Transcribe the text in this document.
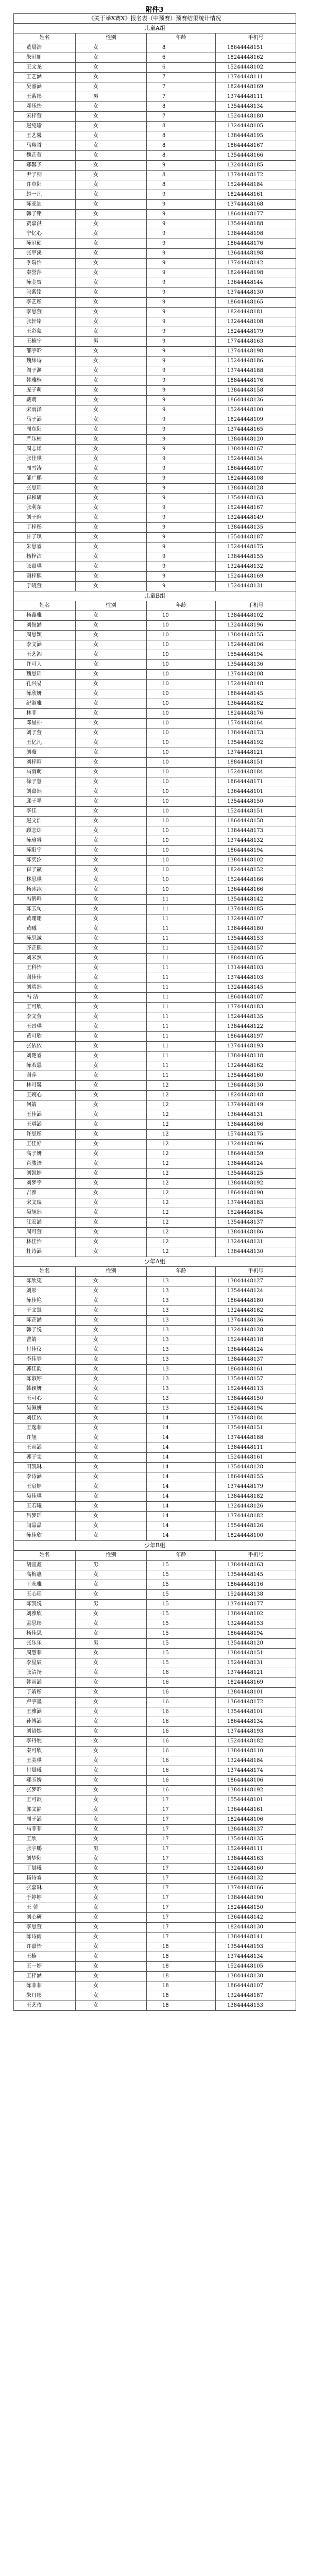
附件3
《关于举X赛X》报名表（中预赛）预赛结果统计情况			
儿童A组			
姓名	性别	年龄	手机号
董晨浩	女	8	18644448151
朱冠如	女	6	18244448162
王文龙	女	6	15244448102
王艺涵	女	7	13744448111
吴睿涵	女	7	18244448169
王紫彤	男	7	13744448111
邓乐怡	女	8	13544448134
宋梓萱	女	7	15244448180
赵宛瑜	女	8	13244448105
王艺馨	女	8	13844448195
马翔哲	女	8	18644448167
魏芷萱	女	8	13544448166
郝馨予	女	9	13244448185
尹子朔	女	8	13744448172
许卓阳	女	8	15244448184
赵一凡	女	9	18244448161
陈亚迪	女	9	13744448168
韩子铭	女	9	18644448177
贾嘉淇	女	9	13544448188
宁忆心	女	9	13844448198
陈冠硕	女	9	18644448176
张甲溪	女	9	13644448198
季瑞怡	女	9	13744448142
秦誉萍	女	9	18244448198
陈金贾	女	9	13644448144
段紫铭	女	9	13744448130
李艺彤	女	9	18644448165
李思萱	女	9	18244448181
张轩铭	女	9	13244448108
王彩蒙	女	9	15244448179
王楠宁	男	9	17744448163
邵宇晗	女	9	13744448198
魏炜诗	女	9	15244448186
阎子渊	女	9	13744448188
韩雅楠	女	9	18844448176
庞子萌	女	9	13844448158
戴萌	女	9	18644448136
宋雨泽	女	9	15244448100
马子涵	女	9	18244448109
周东阳	女	9	13744448165
严乐彬	女	9	13844448120
周志谦	女	9	13844448167
张佳琪	女	9	15244448134
周雪涛	女	9	18644448107
邹广鹏	女	9	18244448108
张思瑶	女	9	13844448128
崔和研	女	9	13544448163
张利东	女	9	15244448167
刘子暄	女	9	13244448149
丁梓彤	女	9	13844448135
甘子琪	女	9	15544448187
朱思睿	女	9	15244448175
杨梓洁	女	9	13844448155
张嘉琪	女	9	13244448132
谢梓熙	女	9	15244448169
于晓萱	女	9	15244448131
儿童B组			
姓名	性别	年龄	手机号
杨鑫雅	女	10	13844448102
刘俊涵	女	10	13244448196
周思颖	女	10	13844448155
李文涵	女	10	15244448106
王艺湘	女	10	15544448194
许可人	女	10	13544448136
魏思瑶	女	10	13744448108
孔兴易	女	10	15244448148
陈欣妍	女	10	18844448145
纪淑雅	女	10	13644448162
林菲	女	10	18244448176
邓星朴	女	10	15744448164
刘子萱	女	10	13844448173
王亿凡	女	10	13544448192
刘薇	女	10	13744448121
刘梓暄	女	10	18844448151
马雨萌	女	10	15244448184
徐子慧	女	10	18644448171
刘嘉然	女	10	13644448101
邱子墨	女	10	13544448150
李佳	女	10	15244448151
赵文浩	女	10	18644448158
顾志炜	女	10	13844448173
陈瑜睿	女	10	13744448132
陈阳宇	女	10	18644448194
陈奕汐	女	10	13844448102
崔子赢	女	10	18244448152
林思琪	女	10	15244448166
杨冰冰	女	10	13644448166
冯鹤鸣	女	11	13544448142
陈玉旬	女	11	13744448185
黄珊珊	女	11	13244448107
黄曦	女	11	13844448180
陈思诚	女	11	13544448153
齐芷熙	女	11	15244448157
刘米然	女	11	18844448105
王科怡	女	11	13144448103
谢佳佳	女	11	13744448103
刘靖然	女	11	13244448145
冯 洁	女	11	18644448107
王可欣	女	11	13744448183
李文萱	女	11	15244448135
王晋琪	女	11	13844448122
黄可欣	女	11	18644448197
张依依	女	11	13744448193
刘楚睿	女	11	13844448118
陈若恩	女	11	13244448162
谢萍	女	11	13544448160
林可馨	女	12	13844448130
王婉心	女	12	18244448148
何婧	女	12	13744448149
王佳涵	女	12	13644448131
王琪涵	女	12	13844448166
许思彤	女	12	15744448175
王佳妤	女	12	13244448196
高子妍	女	12	18644448159
肖骏语	女	12	13844448124
刘凯婷	女	12	13544448125
刘梦宇	女	12	13844448192
吉雅	女	12	18644448190
宋文瑞	女	12	13744448183
吴旭然	女	12	15244448184
江宏涵	女	12	13544448137
周可萱	女	12	13844448186
林佳怡	女	12	13244448131
杜诗涵	女	12	13844448130
少年A组			
姓名	性别	年龄	手机号
陈欣宛	女	13	13844448127
刘彤	女	13	13544448124
陈佳艳	女	13	18644448180
于文慧	女	13	13244448182
陈芷涵	女	13	13744448136
韩子悦	女	13	13244448128
曹婧	女	13	15244448118
付佳仪	女	13	13644448124
李佳梦	女	13	13844448137
郭佳韵	女	13	18644448161
陈淑婷	女	13	13544448157
韩颖妍	女	13	15244448113
王可心	女	13	13844448150
吴佩妍	女	13	18244448194
刘佳依	女	14	13744448184
王逸菲	女	14	13544448151
许旭	女	14	13744448188
王雨涵	女	14	13844448111
郭子雯	女	14	15244448161
田凯琳	女	14	13544448128
李诗涵	女	14	18644448155
王宸婷	女	14	13744448179
吴佳琪	女	14	13844448182
王若曦	女	14	13244448126
吕梦瑶	女	14	13744448182
闫晶晶	女	14	15544448126
陈佳欣	女	14	18244448100
少年B组			
姓名	性别	年龄	手机号
胡宜鑫	男	15	13844448163
高梅惠	女	15	13544448145
丁永雅	女	15	18644448116
王心瑶	女	15	15244448138
陈凯悦	男	15	13744448177
刘雅欣	女	15	13844448102
孟思彤	女	15	13244448153
杨佳思	女	15	18644448194
张乐乐	男	15	13544448120
周慧菲	女	15	13844448151
李星辰	女	15	15244448131
张清扬	女	16	13744448121
韩雨涵	女	16	18244448169
丁婧彤	女	16	13844448101
卢宇墨	女	16	13644448172
王雅涵	女	16	13544448101
孙博涵	女	16	18644448134
刘语嫣	女	16	13744448193
李丹妮	女	16	15244448182
秦可欣	女	16	13844448110
王美琪	女	16	13244448184
付晨曦	女	16	13744448174
郝玉娇	女	16	18644448106
张梦晗	女	16	13844448192
王可歆	女	17	15544448101
郭文静	女	17	13644448161
周子涵	女	17	18244448106
马菲菲	女	17	13844448137
王欣	女	17	13544448135
张宇鹏	男	17	15244448111
刘梦阳	女	17	13844448163
丁晨曦	女	17	13244448160
杨诗睿	女	17	18644448132
张嘉琳	女	17	13744448166
于婷婷	女	17	13844448190
王 蕾	女	17	15244448150
刘心研	女	17	13644448142
李思萱	女	17	18244448130
陈诗雨	女	17	13844448141
许嘉怡	女	18	13544448193
王楠	女	18	13744448134
王一婷	女	18	15244448105
王梓涵	女	18	13844448130
陈菲菲	女	18	18644448107
朱丹彤	女	18	13244448187
王艺孜	女	18	13844448153
